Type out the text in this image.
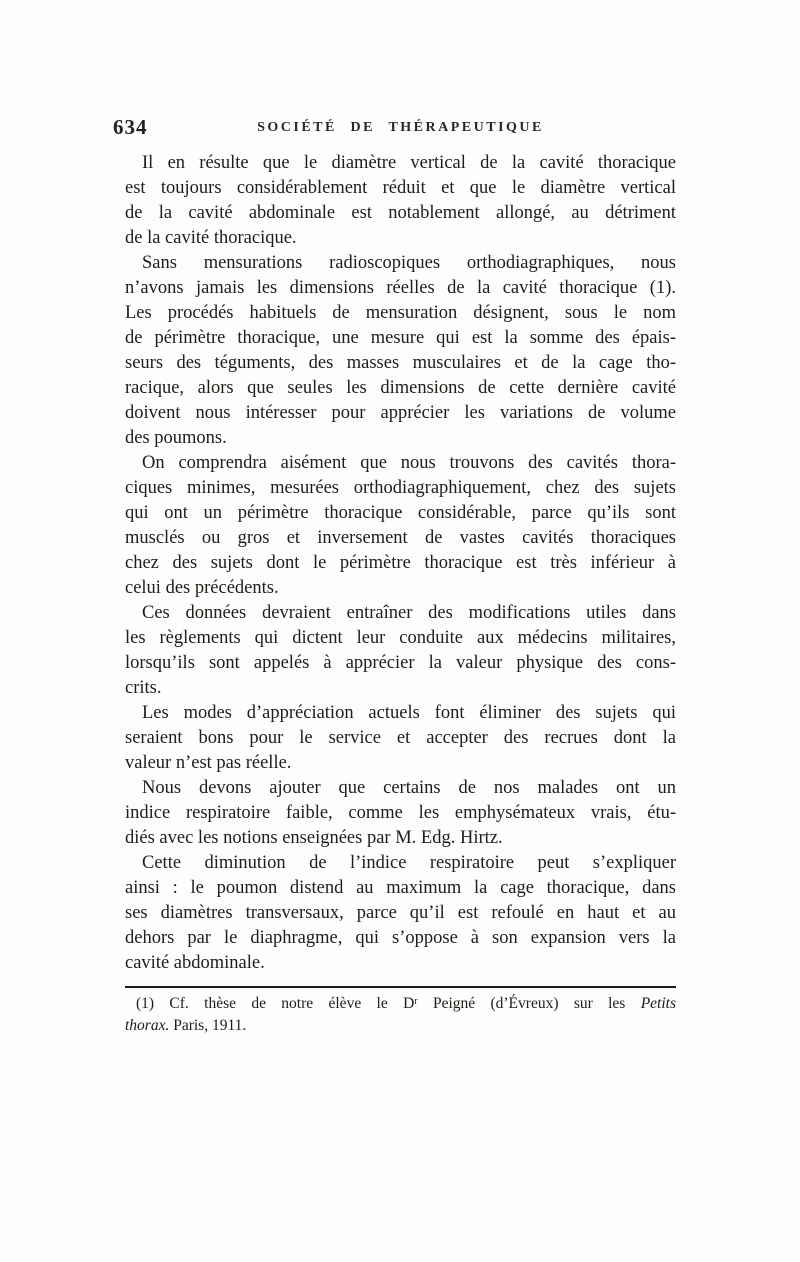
634	SOCIÉTÉ DE THÉRAPEUTIQUE
Il en résulte que le diamètre vertical de la cavité thoracique
est toujours considérablement réduit et que le diamètre vertical
de la cavité abdominale est notablement allongé, au détriment
de la cavité thoracique.
Sans mensurations radioscopiques orthodiagraphiques, nous
n’avons jamais les dimensions réelles de la cavité thoracique (1).
Les procédés habituels de mensuration désignent, sous le nom
de périmètre thoracique, une mesure qui est la somme des épais-
seurs des téguments, des masses musculaires et de la cage tho-
racique, alors que seules les dimensions de cette dernière cavité
doivent nous intéresser pour apprécier les variations de volume
des poumons.
On comprendra aisément que nous trouvons des cavités thora-
ciques minimes, mesurées orthodiagraphiquement, chez des sujets
qui ont un périmètre thoracique considérable, parce qu’ils sont
musclés ou gros et inversement de vastes cavités thoraciques
chez des sujets dont le périmètre thoracique est très inférieur à
celui des précédents.
Ces données devraient entraîner des modifications utiles dans
les règlements qui dictent leur conduite aux médecins militaires,
lorsqu’ils sont appelés à apprécier la valeur physique des cons-
crits.
Les modes d’appréciation actuels font éliminer des sujets qui
seraient bons pour le service et accepter des recrues dont la
valeur n’est pas réelle.
Nous devons ajouter que certains de nos malades ont un
indice respiratoire faible, comme les emphysémateux vrais, étu-
diés avec les notions enseignées par M. Edg. Hirtz.
Cette diminution de l’indice respiratoire peut s’expliquer
ainsi : le poumon distend au maximum la cage thoracique, dans
ses diamètres transversaux, parce qu’il est refoulé en haut et au
dehors par le diaphragme, qui s’oppose à son expansion vers la
cavité abdominale.
(1) Cf. thèse de notre élève le $D^r$ Peigné (d’Évreux) sur les Petits
thorax. Paris, 1911.
